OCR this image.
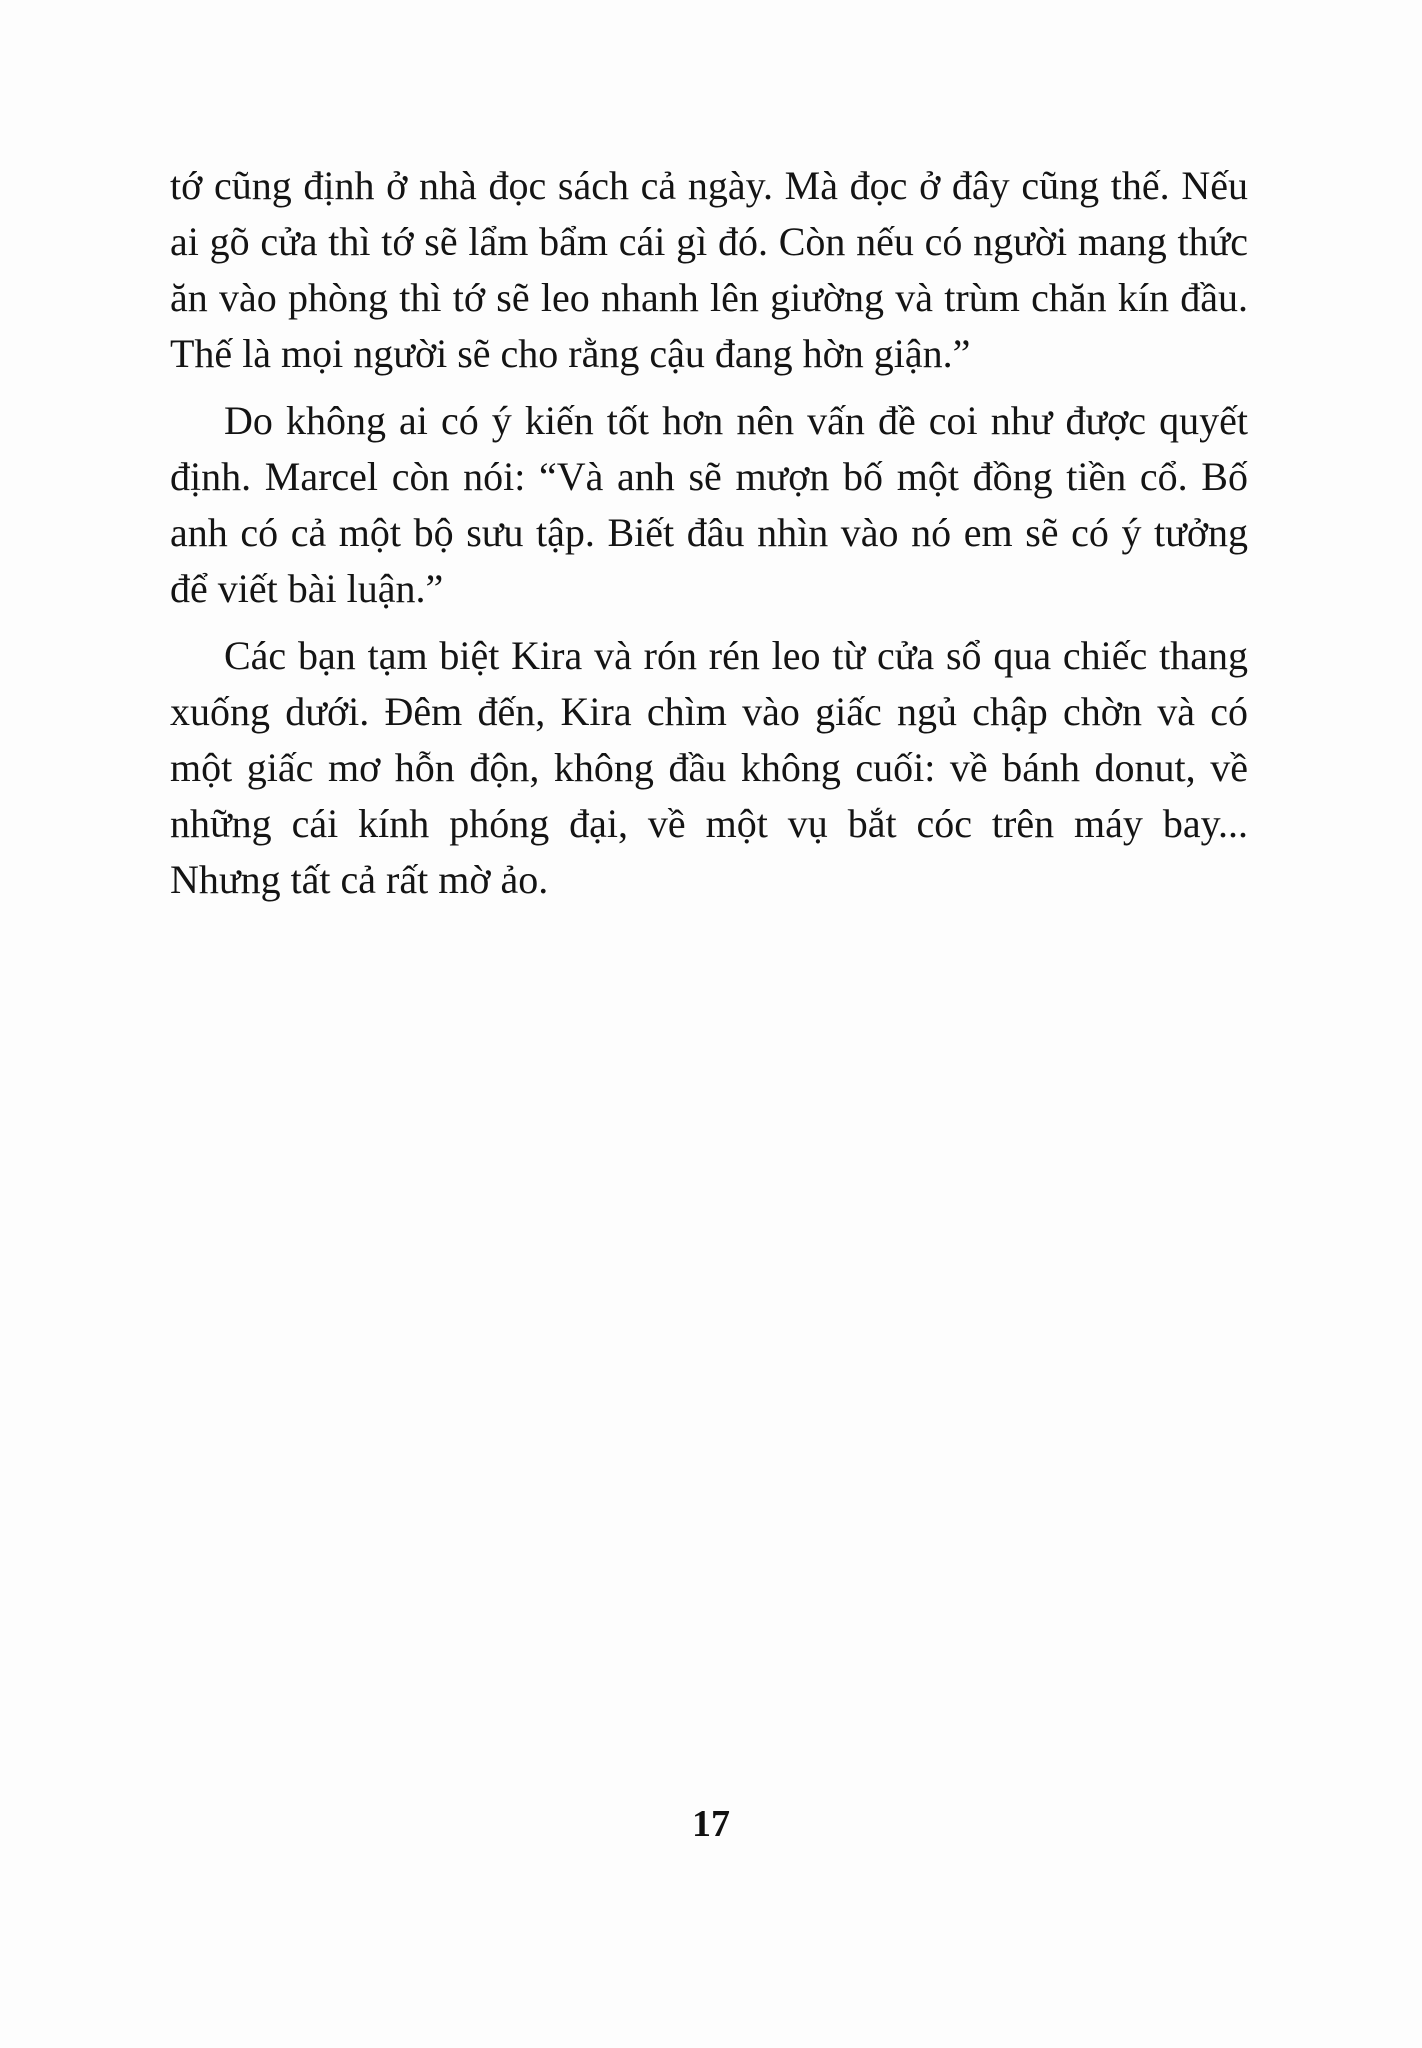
tớ cũng định ở nhà đọc sách cả ngày. Mà đọc ở đây cũng thế. Nếu ai gõ cửa thì tớ sẽ lẩm bẩm cái gì đó. Còn nếu có người mang thức ăn vào phòng thì tớ sẽ leo nhanh lên giường và trùm chăn kín đầu. Thế là mọi người sẽ cho rằng cậu đang hờn giận.”

Do không ai có ý kiến tốt hơn nên vấn đề coi như được quyết định. Marcel còn nói: “Và anh sẽ mượn bố một đồng tiền cổ. Bố anh có cả một bộ sưu tập. Biết đâu nhìn vào nó em sẽ có ý tưởng để viết bài luận.”

Các bạn tạm biệt Kira và rón rén leo từ cửa sổ qua chiếc thang xuống dưới. Đêm đến, Kira chìm vào giấc ngủ chập chờn và có một giấc mơ hỗn độn, không đầu không cuối: về bánh donut, về những cái kính phóng đại, về một vụ bắt cóc trên máy bay... Nhưng tất cả rất mờ ảo.

17
